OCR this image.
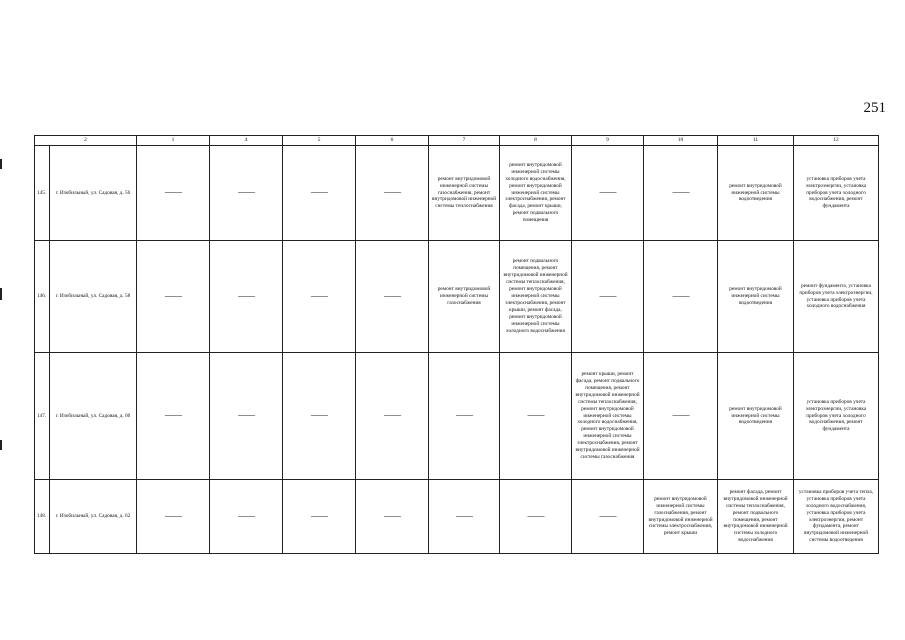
251
2		1	4	5	6	7	8	9	10	11	12
145.	г. Изобильный, ул. Садовая, д. 56	——	——	——	——	ремонт внутридомовой инженерной системы газоснабжения, ремонт внутридомовой инженерной системы теплоснабжения	ремонт внутридомовой инженерной системы холодного водоснабжения, ремонт внутридомовой инженерной системы электроснабжения, ремонт фасада, ремонт крыши, ремонт подвального помещения	——	——	ремонт внутридомовой инженерной системы водоотведения	установка приборов учета электроэнергии, установка приборов учета холодного водоснабжения, ремонт фундамента
146.	г. Изобильный, ул. Садовая, д. 58	——	——	——	——	ремонт внутридомовой инженерной системы газоснабжения	ремонт подвального помещения, ремонт внутридомовой инженерной системы теплоснабжения, ремонт внутридомовой инженерной системы электроснабжения, ремонт крыши, ремонт фасада, ремонт внутридомовой инженерной системы холодного водоснабжения	——	——	ремонт внутридомовой инженерной системы водоотведения	ремонт фундамента, установка приборов учета электроэнергии, установка приборов учета холодного водоснабжения
147.	г. Изобильный, ул. Садовая, д. 60	——	——	——	——	——	——	ремонт крыши, ремонт фасада, ремонт подвального помещения, ремонт внутридомовой инженерной системы теплоснабжения, ремонт внутридомовой инженерной системы холодного водоснабжения, ремонт внутридомовой инженерной системы электроснабжения, ремонт внутридомовой инженерной системы газоснабжения	——	ремонт внутридомовой инженерной системы водоотведения	установка приборов учета электроэнергии, установка приборов учета холодного водоснабжения, ремонт фундамента
148.	г. Изобильный, ул. Садовая, д. 62	——	——	——	——	——	——	——	ремонт внутридомовой инженерной системы газоснабжения, ремонт внутридомовой инженерной системы электроснабжения, ремонт крыши	ремонт фасада, ремонт внутридомовой инженерной системы теплоснабжения, ремонт подвального помещения, ремонт внутридомовой инженерной системы холодного водоснабжения	установка приборов учета тепла, установка приборов учета холодного водоснабжения, установка приборов учета электроэнергии, ремонт фундамента, ремонт внутридомовой инженерной системы водоотведения
